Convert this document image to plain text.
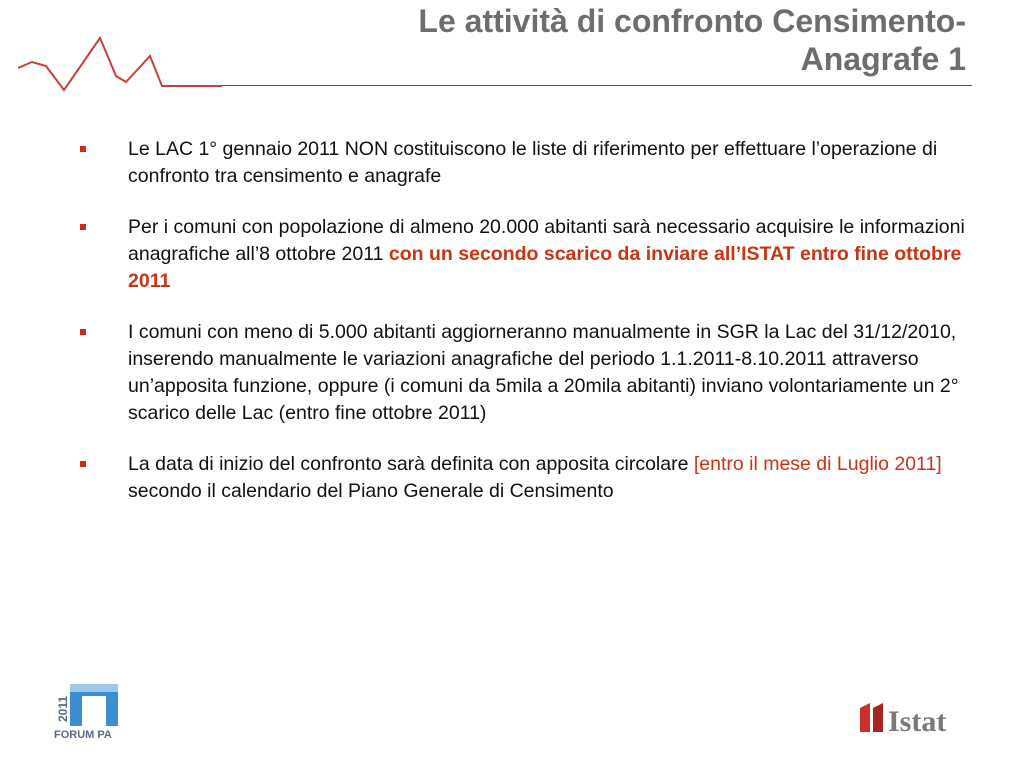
Le attività di confronto Censimento-
Anagrafe 1
Le LAC 1° gennaio 2011 NON costituiscono le liste di riferimento per effettuare l’operazione di confronto tra censimento e anagrafe
Per i comuni con popolazione di almeno 20.000 abitanti sarà necessario acquisire le informazioni anagrafiche all’8 ottobre 2011 con un secondo scarico da inviare all’ISTAT entro fine ottobre 2011
I comuni con meno di 5.000 abitanti aggiorneranno manualmente in SGR la Lac del 31/12/2010, inserendo manualmente le variazioni anagrafiche del periodo 1.1.2011-8.10.2011 attraverso un’apposita funzione, oppure (i comuni da 5mila a 20mila abitanti) inviano volontariamente un 2° scarico delle Lac (entro fine ottobre 2011)
La data di inizio del confronto sarà definita con apposita circolare [entro il mese di Luglio 2011] secondo il calendario del Piano Generale di Censimento
2011
FORUM PA	Istat
